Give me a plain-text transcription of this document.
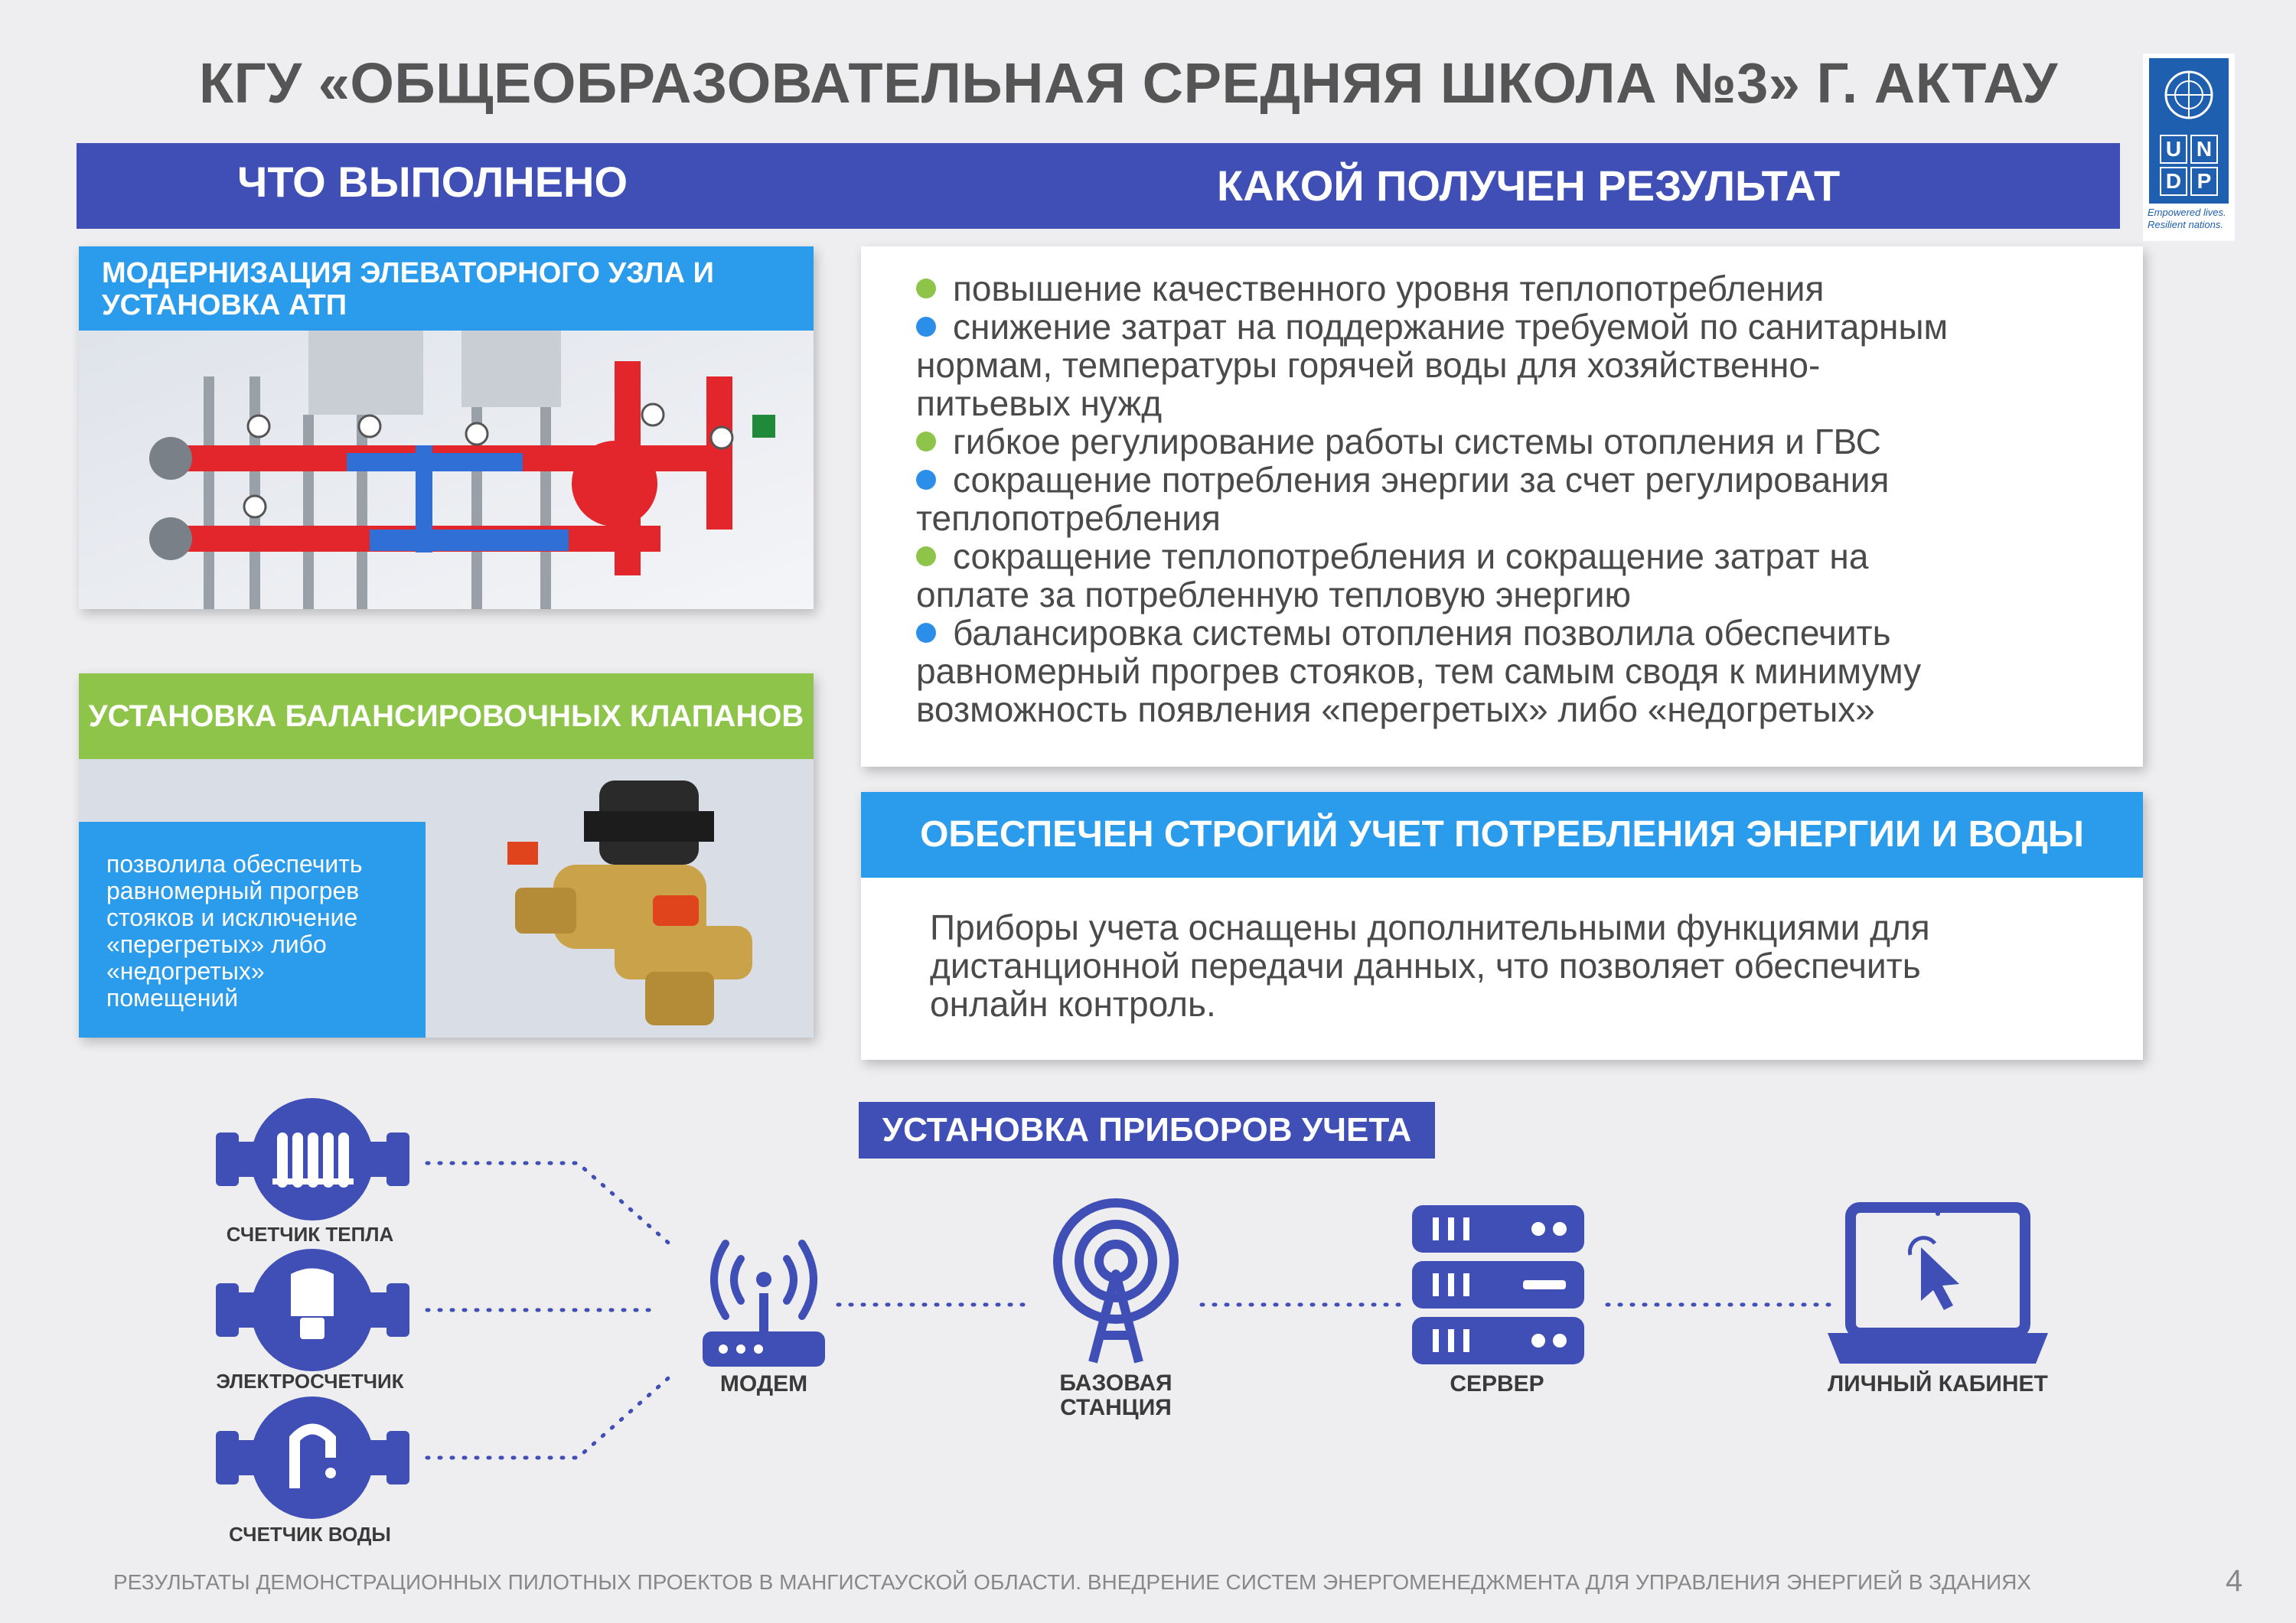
КГУ «ОБЩЕОБРАЗОВАТЕЛЬНАЯ СРЕДНЯЯ ШКОЛА №3» Г. АКТАУ
U N
D P
Empowered lives.
Resilient nations.
ЧТО ВЫПОЛНЕНО	КАКОЙ ПОЛУЧЕН РЕЗУЛЬТАТ
МОДЕРНИЗАЦИЯ ЭЛЕВАТОРНОГО УЗЛА И
УСТАНОВКА АТП
УСТАНОВКА БАЛАНСИРОВОЧНЫХ КЛАПАНОВ
позволила обеспечить
равномерный прогрев
стояков и исключение
«перегретых» либо
«недогретых»
помещений
повышение качественного уровня теплопотребления
снижение затрат на поддержание требуемой по санитарным
нормам, температуры горячей воды для хозяйственно-
питьевых нужд
гибкое регулирование работы системы отопления и ГВС
сокращение потребления энергии за счет регулирования
теплопотребления
сокращение теплопотребления и сокращение затрат на
оплате за потребленную тепловую энергию
балансировка системы отопления позволила обеспечить
равномерный прогрев стояков, тем самым сводя к минимуму
возможность появления «перегретых» либо «недогретых»
ОБЕСПЕЧЕН СТРОГИЙ УЧЕТ ПОТРЕБЛЕНИЯ ЭНЕРГИИ И ВОДЫ
Приборы учета оснащены дополнительными функциями для
дистанционной передачи данных, что позволяет обеспечить
онлайн контроль.
УСТАНОВКА ПРИБОРОВ УЧЕТА
СЧЕТЧИК ТЕПЛА
ЭЛЕКТРОСЧЕТЧИК
СЧЕТЧИК ВОДЫ
МОДЕМ	БАЗОВАЯ
СТАНЦИЯ
СЕРВЕР	ЛИЧНЫЙ КАБИНЕТ
РЕЗУЛЬТАТЫ ДЕМОНСТРАЦИОННЫХ ПИЛОТНЫХ ПРОЕКТОВ В МАНГИСТАУСКОЙ ОБЛАСТИ. ВНЕДРЕНИЕ СИСТЕМ ЭНЕРГОМЕНЕДЖМЕНТА ДЛЯ УПРАВЛЕНИЯ ЭНЕРГИЕЙ В ЗДАНИЯХ	4
